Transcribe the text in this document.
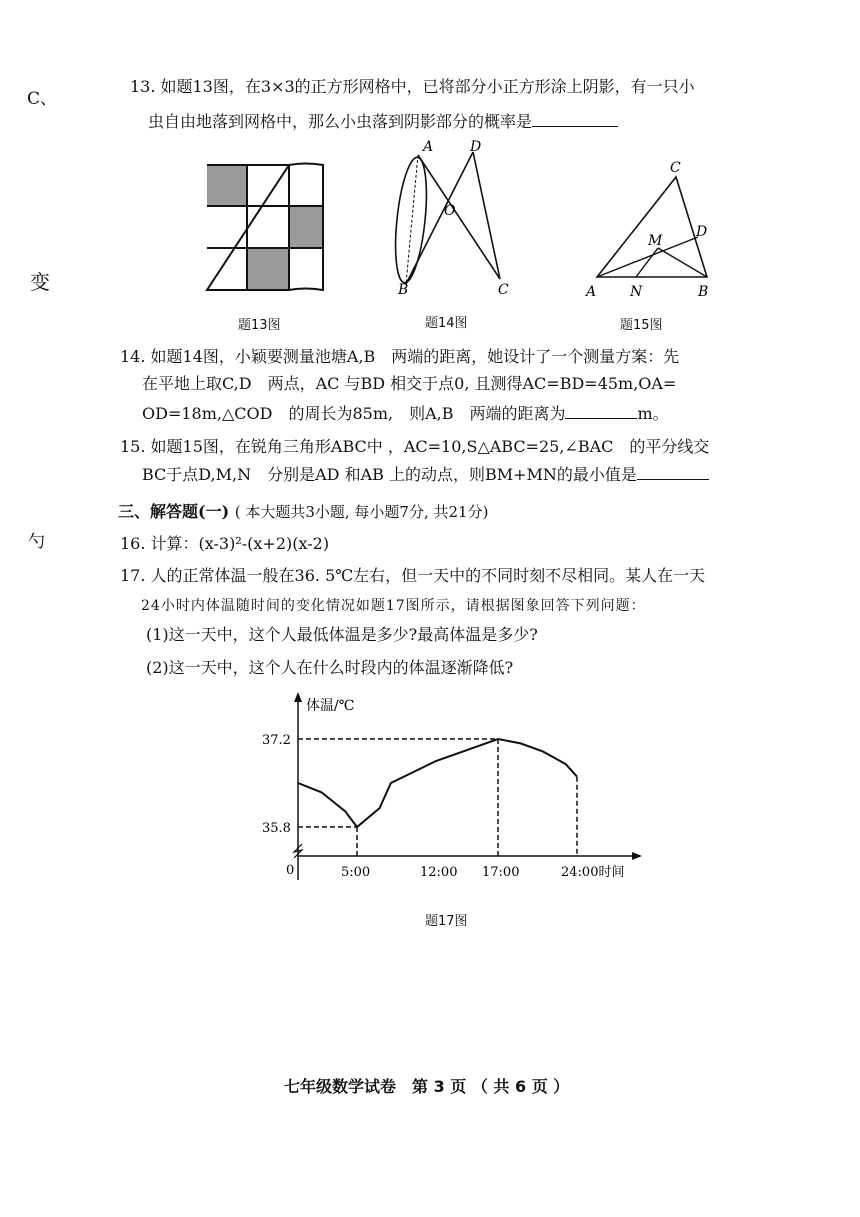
C、
变
勺
13. 如题13图，在3×3的正方形网格中，已将部分小正方形涂上阴影，有一只小
虫自由地落到网格中，那么小虫落到阴影部分的概率是
题13图
A	D
O
B	C
题14图
C
M
D
A N	B
题15图
14. 如题14图，小颖要测量池塘A,B　两端的距离，她设计了一个测量方案：先
在平地上取C,D　两点，AC 与BD 相交于点0, 且测得AC=BD=45m,OA=
OD=18m,△COD　的周长为85m,　则A,B　两端的距离为	m。
15. 如题15图，在锐角三角形ABC中 ，AC=10,S△ABC=25,∠BAC　的平分线交
BC于点D,M,N　分别是AD 和AB 上的动点，则BM+MN的最小值是
三、解答题(一) ( 本大题共3小题, 每小题7分, 共21分)
16. 计算：(x-3)²-(x+2)(x-2)
17. 人的正常体温一般在36. 5℃左右，但一天中的不同时刻不尽相同。某人在一天
24小时内体温随时间的变化情况如题17图所示，请根据图象回答下列问题：
(1)这一天中，这个人最低体温是多少?最高体温是多少?
(2)这一天中，这个人在什么时段内的体温逐渐降低?
体温/℃
0	5:00	12:00 17:00	24:00时间
35.8
37.2
题17图
七年级数学试卷　第 3 页 （ 共 6 页 ）
